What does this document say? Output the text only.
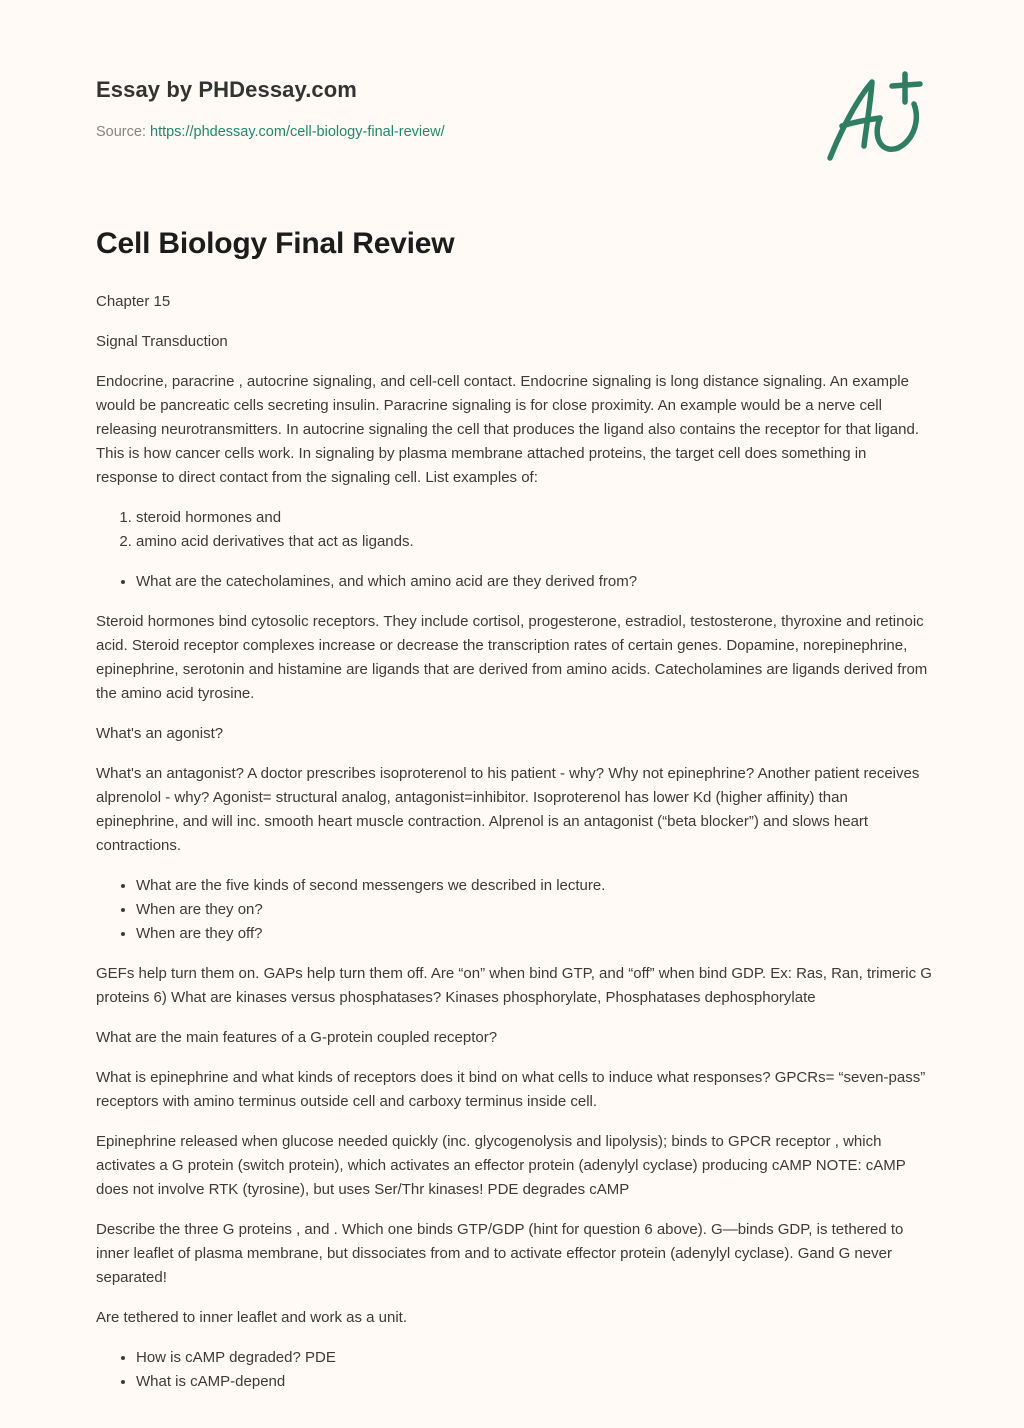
Essay by PHDessay.com
Source: https://phdessay.com/cell-biology-final-review/
Cell Biology Final Review

Chapter 15

Signal Transduction

Endocrine, paracrine , autocrine signaling, and cell-cell contact. Endocrine signaling is long distance signaling. An example would be pancreatic cells secreting insulin. Paracrine signaling is for close proximity. An example would be a nerve cell releasing neurotransmitters. In autocrine signaling the cell that produces the ligand also contains the receptor for that ligand. This is how cancer cells work. In signaling by plasma membrane attached proteins, the target cell does something in response to direct contact from the signaling cell. List examples of:

1. steroid hormones and
2. amino acid derivatives that act as ligands.
• What are the catecholamines, and which amino acid are they derived from?

Steroid hormones bind cytosolic receptors. They include cortisol, progesterone, estradiol, testosterone, thyroxine and retinoic acid. Steroid receptor complexes increase or decrease the transcription rates of certain genes. Dopamine, norepinephrine, epinephrine, serotonin and histamine are ligands that are derived from amino acids. Catecholamines are ligands derived from the amino acid tyrosine.

What's an agonist?

What's an antagonist? A doctor prescribes isoproterenol to his patient - why? Why not epinephrine? Another patient receives alprenolol - why? Agonist= structural analog, antagonist=inhibitor. Isoproterenol has lower Kd (higher affinity) than epinephrine, and will inc. smooth heart muscle contraction. Alprenol is an antagonist (“beta blocker”) and slows heart contractions.

• What are the five kinds of second messengers we described in lecture.
• When are they on?
• When are they off?

GEFs help turn them on. GAPs help turn them off. Are “on” when bind GTP, and “off” when bind GDP. Ex: Ras, Ran, trimeric G proteins 6) What are kinases versus phosphatases? Kinases phosphorylate, Phosphatases dephosphorylate

What are the main features of a G-protein coupled receptor?

What is epinephrine and what kinds of receptors does it bind on what cells to induce what responses? GPCRs= “seven-pass” receptors with amino terminus outside cell and carboxy terminus inside cell.

Epinephrine released when glucose needed quickly (inc. glycogenolysis and lipolysis); binds to GPCR receptor , which activates a G protein (switch protein), which activates an effector protein (adenylyl cyclase) producing cAMP NOTE: cAMP does not involve RTK (tyrosine), but uses Ser/Thr kinases! PDE degrades cAMP

Describe the three G proteins , and . Which one binds GTP/GDP (hint for question 6 above). G—binds GDP, is tethered to inner leaflet of plasma membrane, but dissociates from and to activate effector protein (adenylyl cyclase). Gand G never separated!

Are tethered to inner leaflet and work as a unit.

• How is cAMP degraded? PDE
• What is cAMP-depend
